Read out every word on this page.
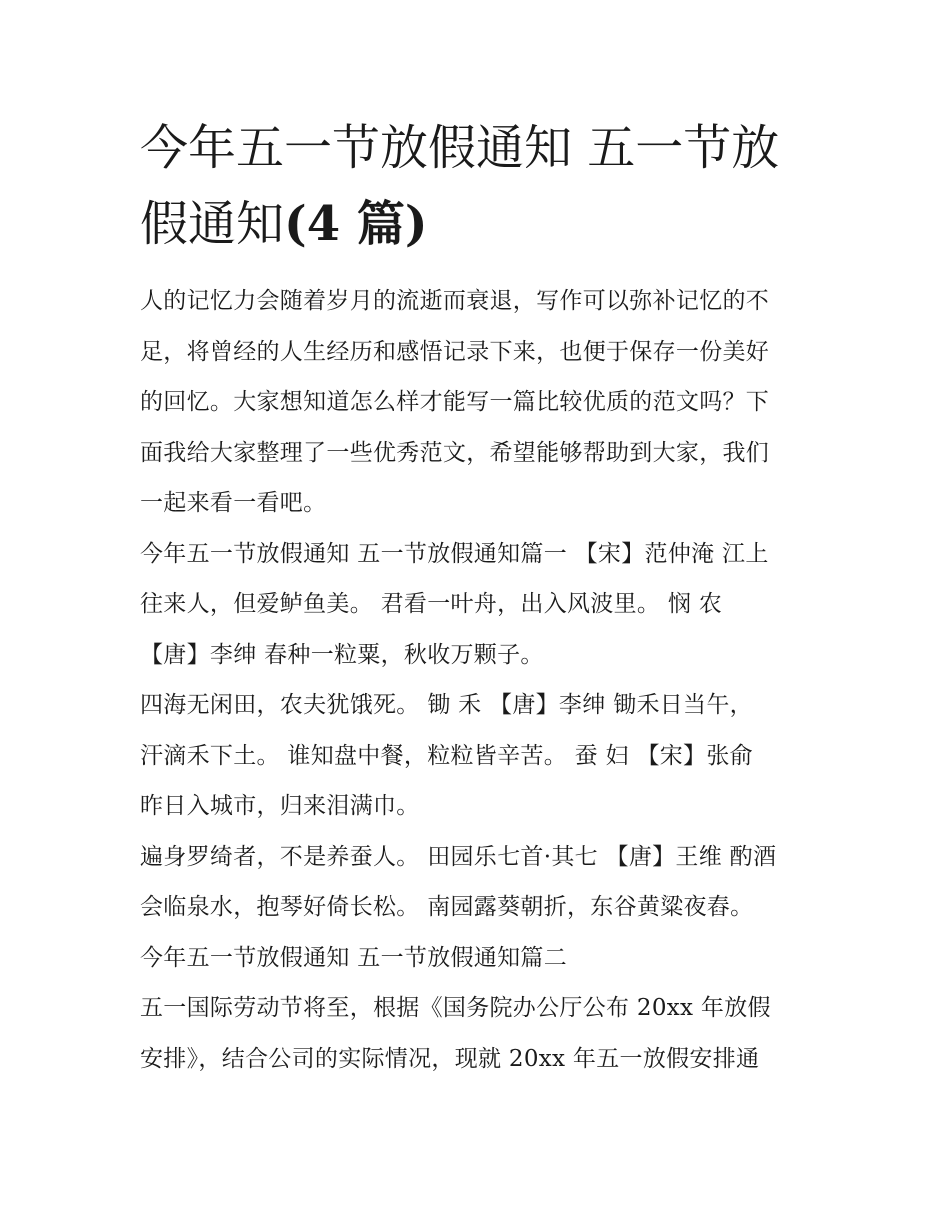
今年五一节放假通知 五一节放
假通知(4 篇)

人的记忆力会随着岁月的流逝而衰退，写作可以弥补记忆的不
足，将曾经的人生经历和感悟记录下来，也便于保存一份美好
的回忆。大家想知道怎么样才能写一篇比较优质的范文吗？下
面我给大家整理了一些优秀范文，希望能够帮助到大家，我们
一起来看一看吧。

今年五一节放假通知 五一节放假通知篇一 【宋】范仲淹 江上
往来人，但爱鲈鱼美。 君看一叶舟，出入风波里。 悯 农
【唐】李绅 春种一粒粟，秋收万颗子。

四海无闲田，农夫犹饿死。 锄 禾 【唐】李绅 锄禾日当午，
汗滴禾下土。 谁知盘中餐，粒粒皆辛苦。 蚕 妇 【宋】张俞
昨日入城市，归来泪满巾。

遍身罗绮者，不是养蚕人。 田园乐七首·其七 【唐】王维 酌酒
会临泉水，抱琴好倚长松。 南园露葵朝折，东谷黄粱夜舂。

今年五一节放假通知 五一节放假通知篇二

五一国际劳动节将至，根据《国务院办公厅公布 20xx 年放假
安排》，结合公司的实际情况，现就 20xx 年五一放假安排通
